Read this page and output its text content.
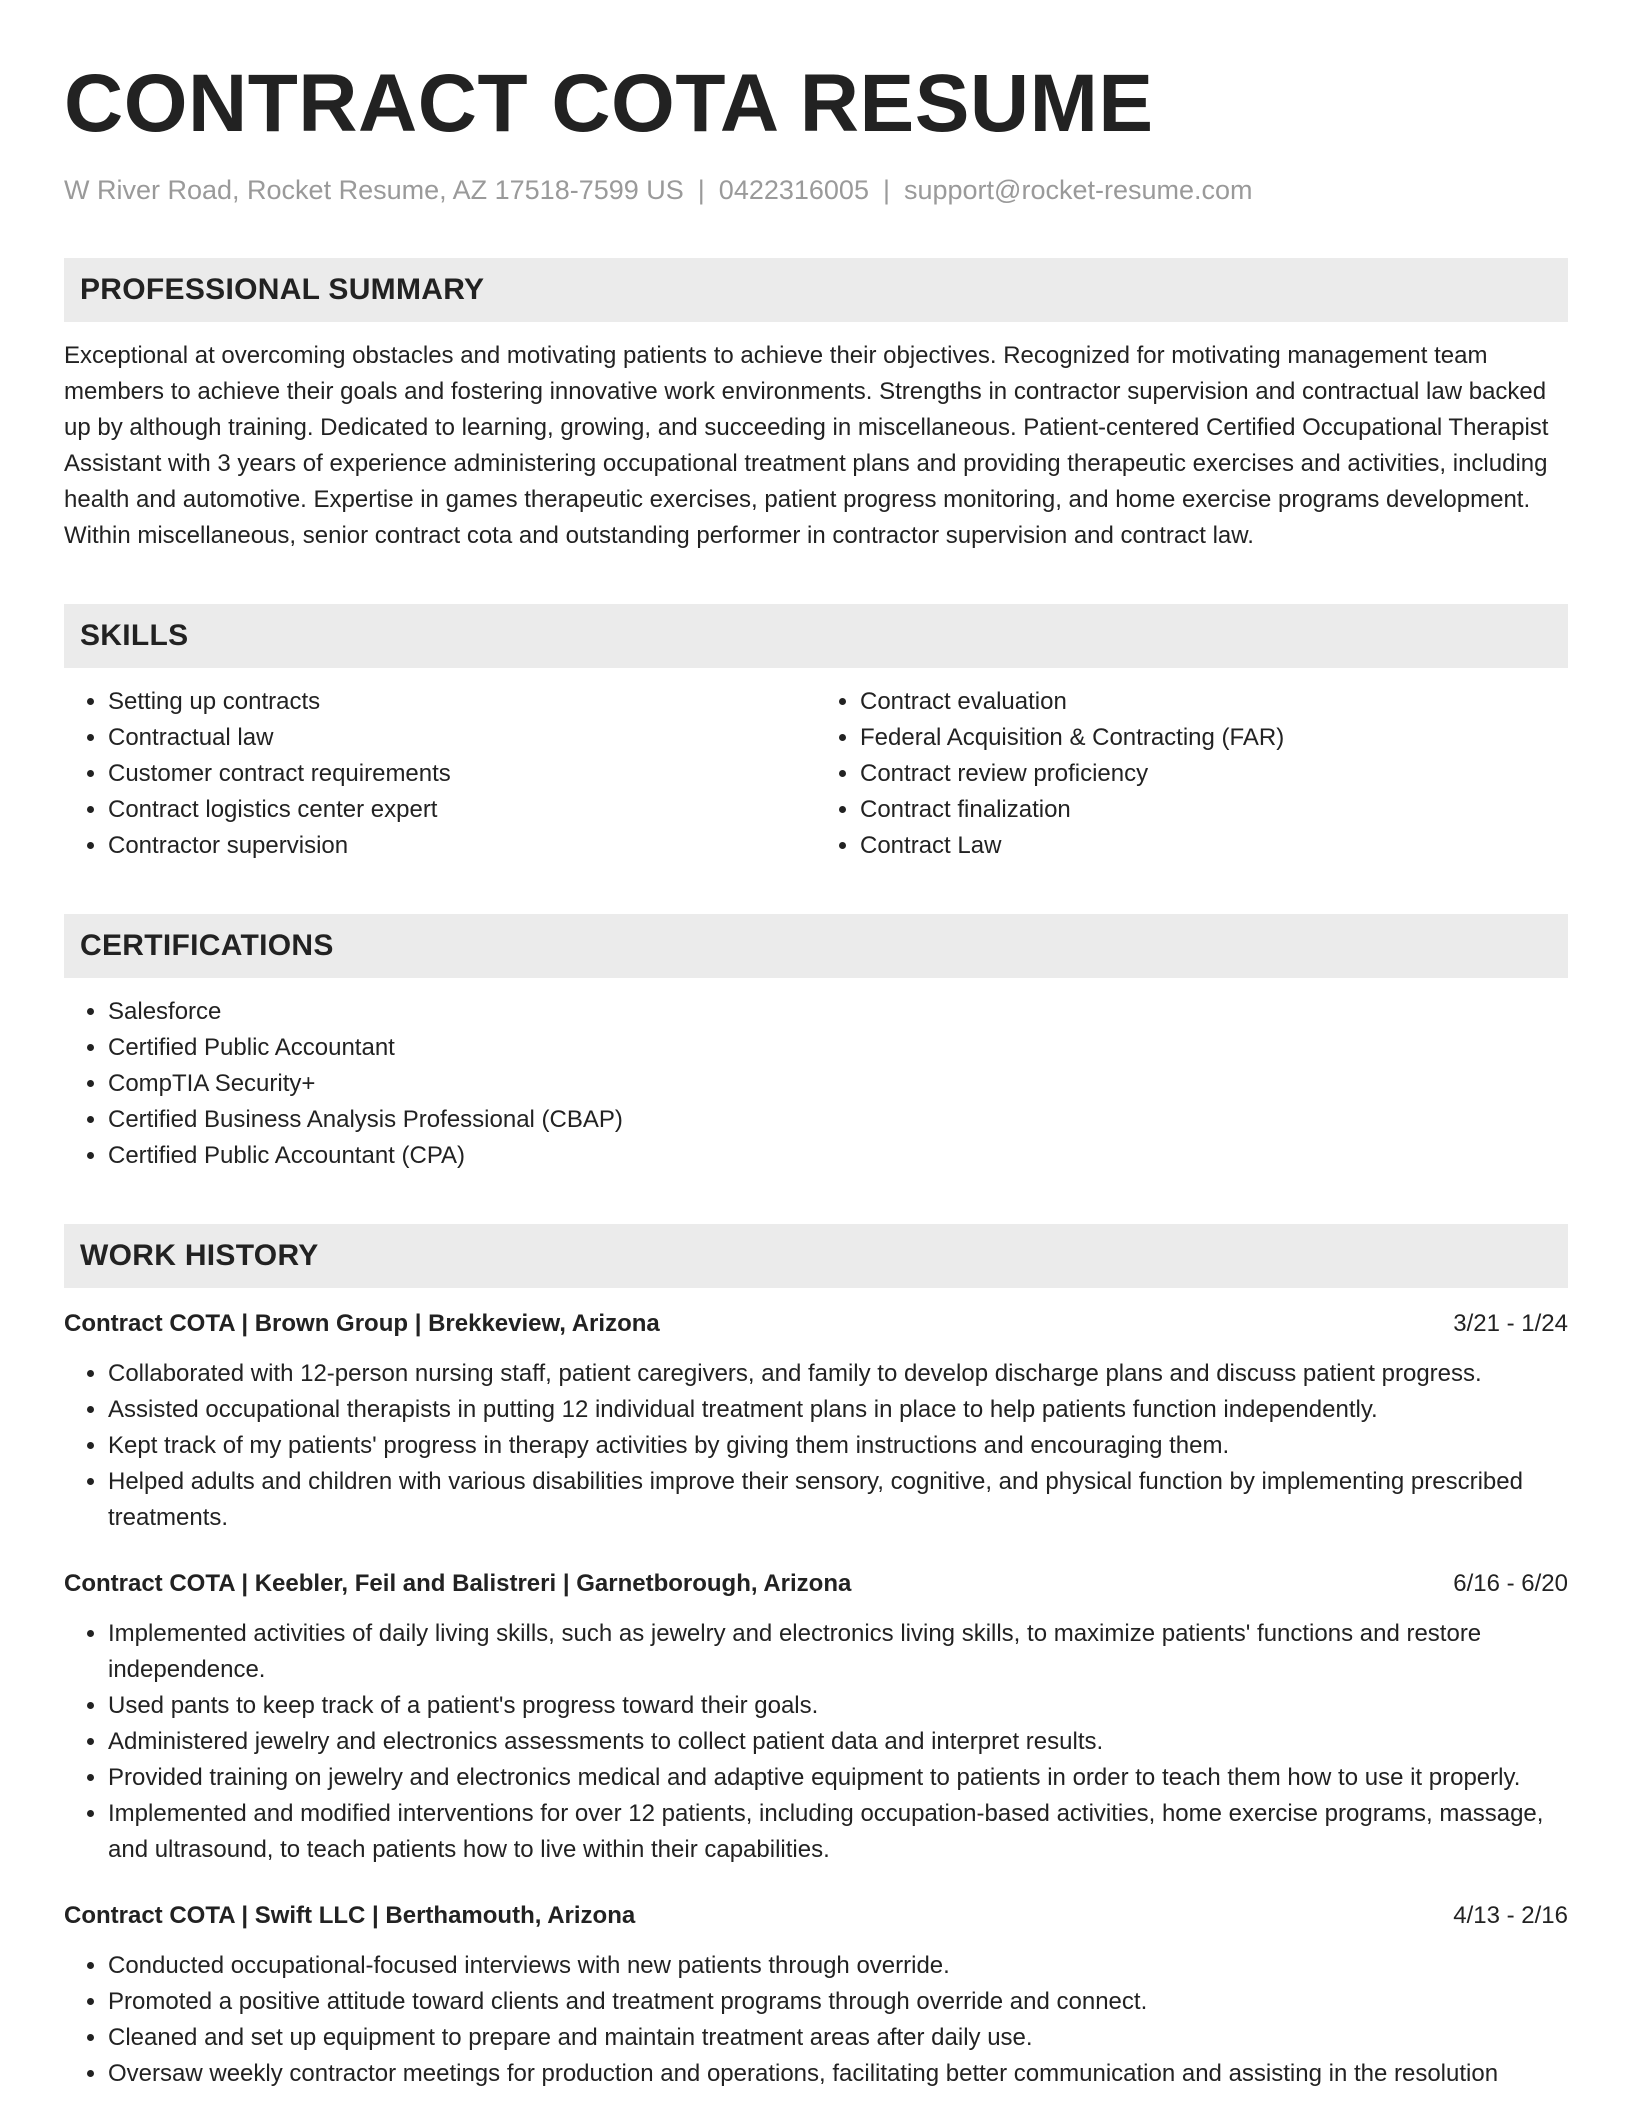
CONTRACT COTA RESUME
W River Road, Rocket Resume, AZ 17518-7599 US | 0422316005 | support@rocket-resume.com
PROFESSIONAL SUMMARY
Exceptional at overcoming obstacles and motivating patients to achieve their objectives. Recognized for motivating management team members to achieve their goals and fostering innovative work environments. Strengths in contractor supervision and contractual law backed up by although training. Dedicated to learning, growing, and succeeding in miscellaneous. Patient-centered Certified Occupational Therapist Assistant with 3 years of experience administering occupational treatment plans and providing therapeutic exercises and activities, including health and automotive. Expertise in games therapeutic exercises, patient progress monitoring, and home exercise programs development. Within miscellaneous, senior contract cota and outstanding performer in contractor supervision and contract law.
SKILLS
• Setting up contracts
• Contractual law
• Customer contract requirements
• Contract logistics center expert
• Contractor supervision
• Contract evaluation
• Federal Acquisition & Contracting (FAR)
• Contract review proficiency
• Contract finalization
• Contract Law
CERTIFICATIONS
• Salesforce
• Certified Public Accountant
• CompTIA Security+
• Certified Business Analysis Professional (CBAP)
• Certified Public Accountant (CPA)
WORK HISTORY
Contract COTA | Brown Group | Brekkeview, Arizona	3/21 - 1/24
• Collaborated with 12-person nursing staff, patient caregivers, and family to develop discharge plans and discuss patient progress.
• Assisted occupational therapists in putting 12 individual treatment plans in place to help patients function independently.
• Kept track of my patients' progress in therapy activities by giving them instructions and encouraging them.
• Helped adults and children with various disabilities improve their sensory, cognitive, and physical function by implementing prescribed treatments.
Contract COTA | Keebler, Feil and Balistreri | Garnetborough, Arizona	6/16 - 6/20
• Implemented activities of daily living skills, such as jewelry and electronics living skills, to maximize patients' functions and restore independence.
• Used pants to keep track of a patient's progress toward their goals.
• Administered jewelry and electronics assessments to collect patient data and interpret results.
• Provided training on jewelry and electronics medical and adaptive equipment to patients in order to teach them how to use it properly.
• Implemented and modified interventions for over 12 patients, including occupation-based activities, home exercise programs, massage, and ultrasound, to teach patients how to live within their capabilities.
Contract COTA | Swift LLC | Berthamouth, Arizona	4/13 - 2/16
• Conducted occupational-focused interviews with new patients through override.
• Promoted a positive attitude toward clients and treatment programs through override and connect.
• Cleaned and set up equipment to prepare and maintain treatment areas after daily use.
• Oversaw weekly contractor meetings for production and operations, facilitating better communication and assisting in the resolution
